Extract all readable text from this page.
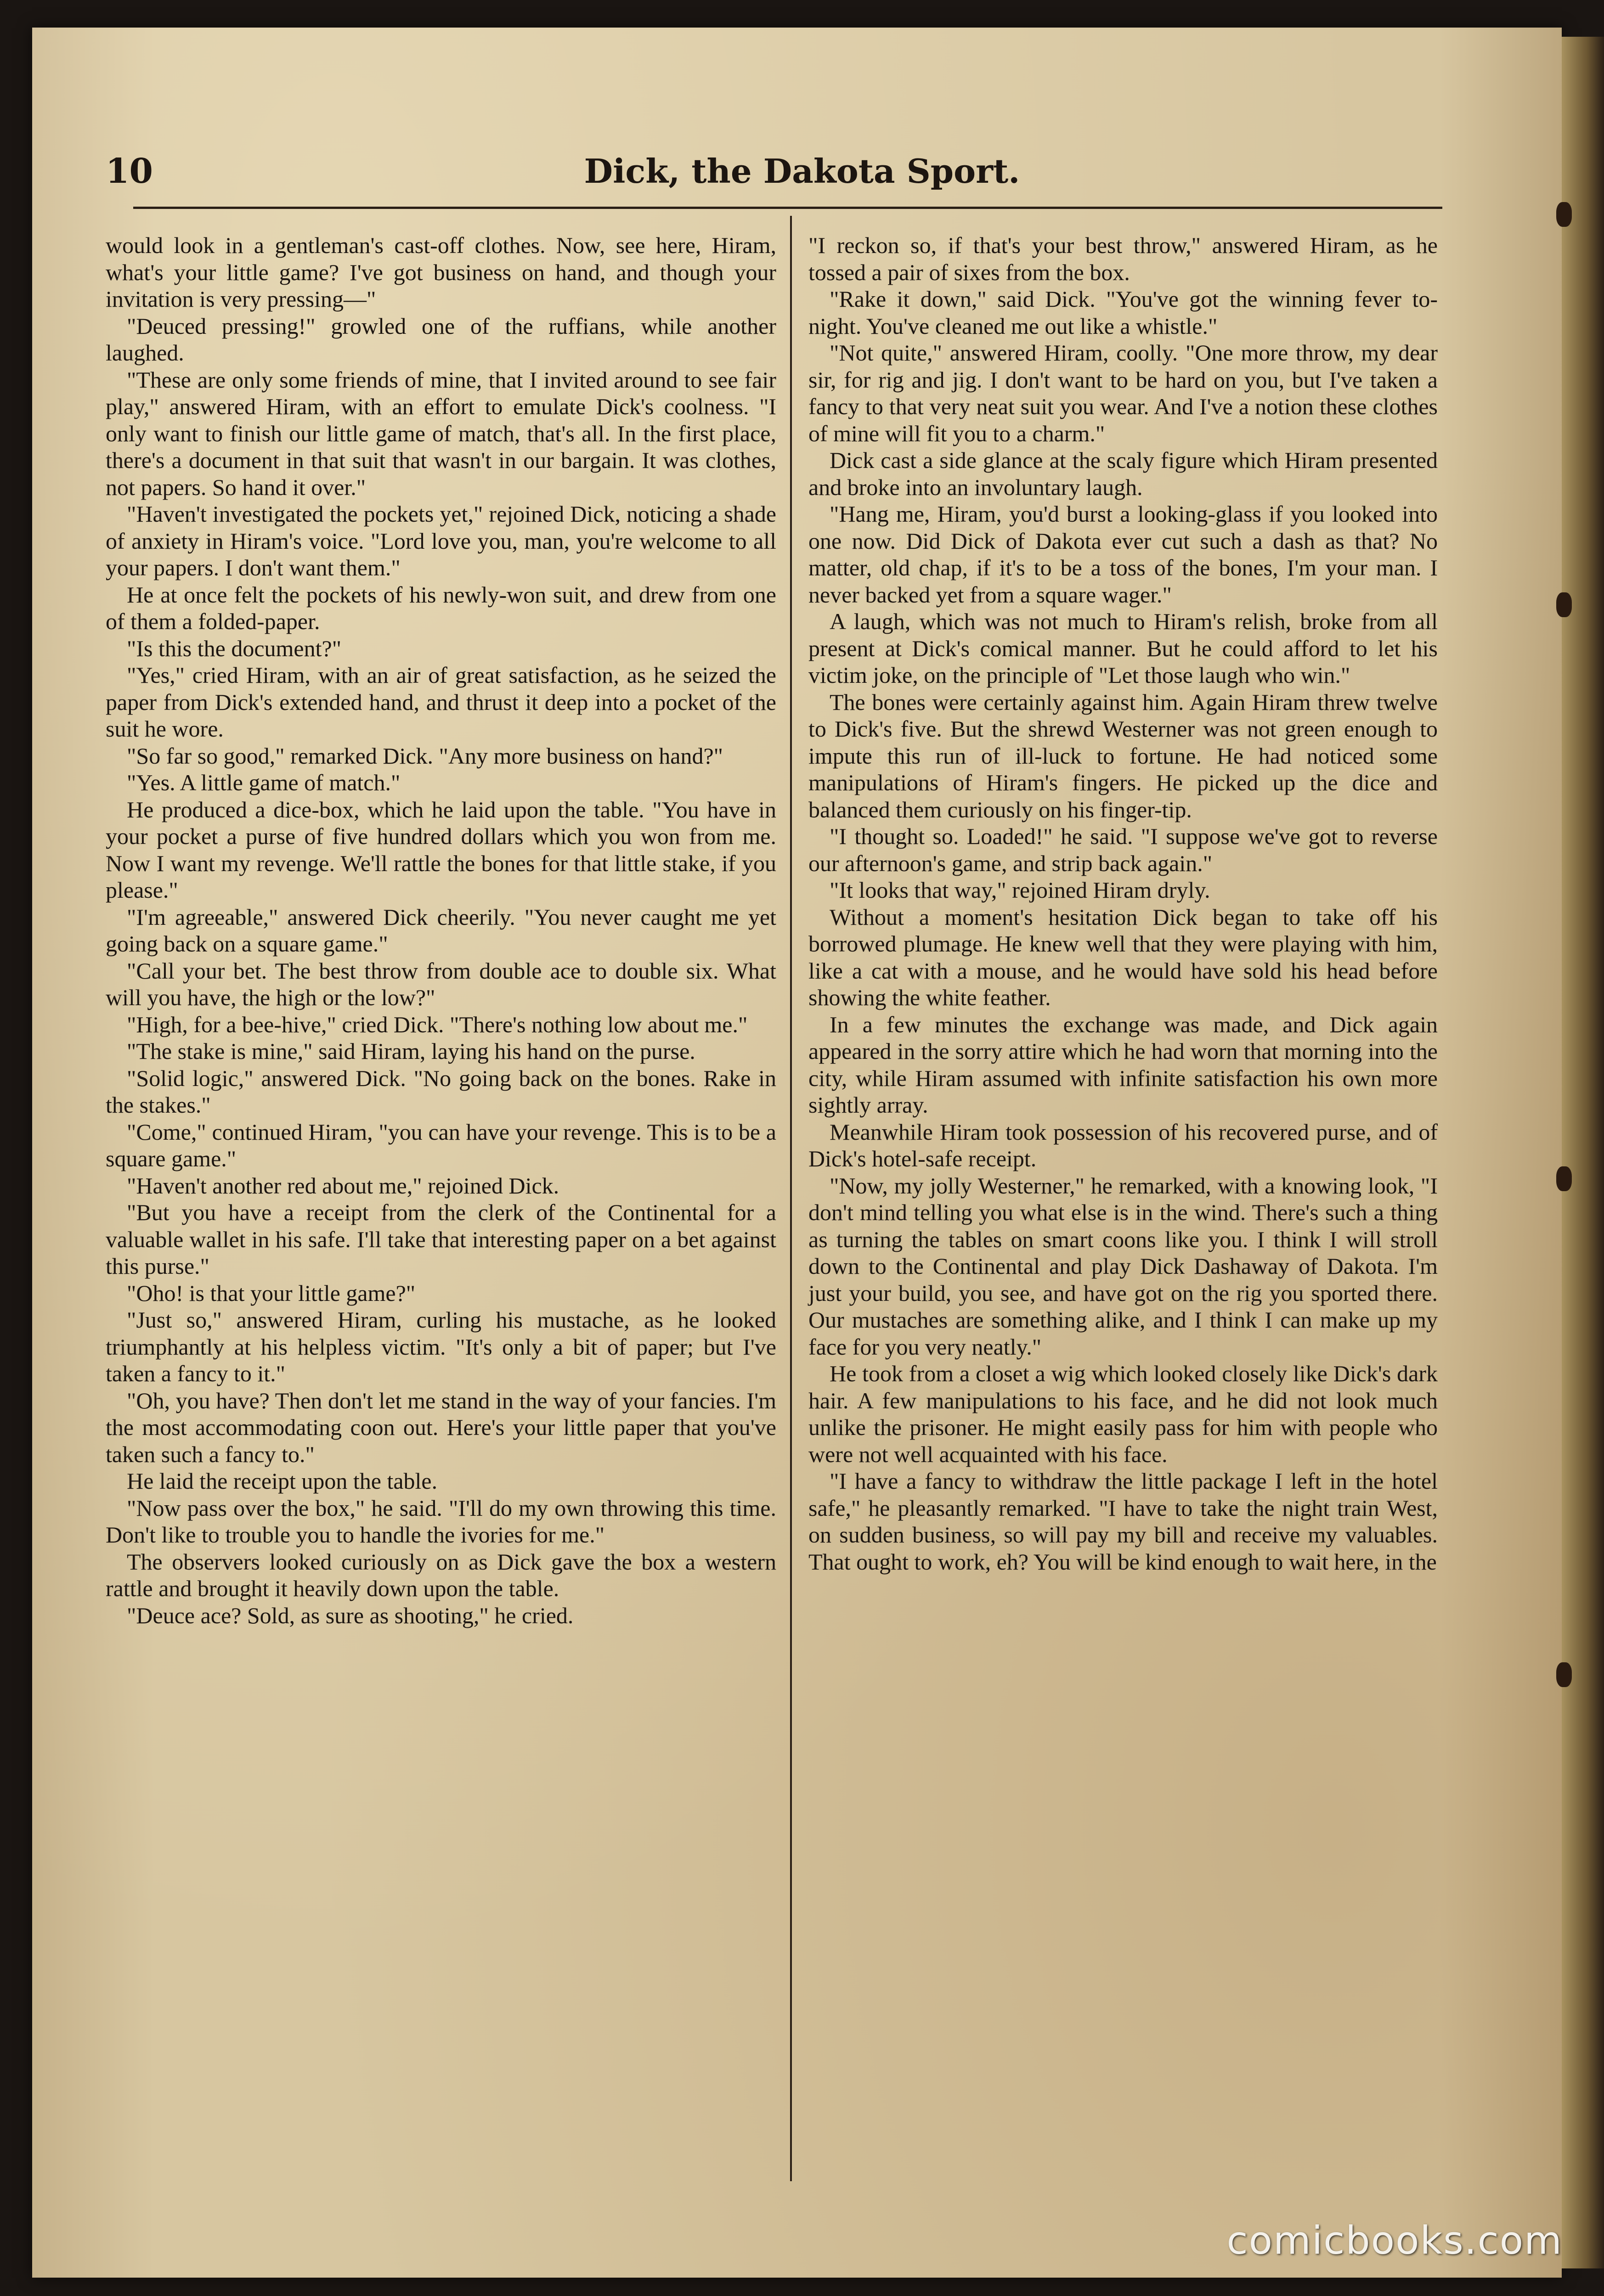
10	Dick, the Dakota Sport.

would look in a gentleman's cast-off clothes. Now, see here, Hiram, what's your little game? I've got business on hand, and though your invitation is very pressing—"

"Deuced pressing!" growled one of the ruffians, while another laughed.

"These are only some friends of mine, that I invited around to see fair play," answered Hiram, with an effort to emulate Dick's coolness. "I only want to finish our little game of match, that's all. In the first place, there's a document in that suit that wasn't in our bargain. It was clothes, not papers. So hand it over."

"Haven't investigated the pockets yet," rejoined Dick, noticing a shade of anxiety in Hiram's voice. "Lord love you, man, you're welcome to all your papers. I don't want them."

He at once felt the pockets of his newly-won suit, and drew from one of them a folded-paper.

"Is this the document?"

"Yes," cried Hiram, with an air of great satisfaction, as he seized the paper from Dick's extended hand, and thrust it deep into a pocket of the suit he wore.

"So far so good," remarked Dick. "Any more business on hand?"

"Yes. A little game of match."

He produced a dice-box, which he laid upon the table. "You have in your pocket a purse of five hundred dollars which you won from me. Now I want my revenge. We'll rattle the bones for that little stake, if you please."

"I'm agreeable," answered Dick cheerily. "You never caught me yet going back on a square game."

"Call your bet. The best throw from double ace to double six. What will you have, the high or the low?"

"High, for a bee-hive," cried Dick. "There's nothing low about me."

"The stake is mine," said Hiram, laying his hand on the purse.

"Solid logic," answered Dick. "No going back on the bones. Rake in the stakes."

"Come," continued Hiram, "you can have your revenge. This is to be a square game."

"Haven't another red about me," rejoined Dick.

"But you have a receipt from the clerk of the Continental for a valuable wallet in his safe. I'll take that interesting paper on a bet against this purse."

"Oho! is that your little game?"

"Just so," answered Hiram, curling his mustache, as he looked triumphantly at his helpless victim. "It's only a bit of paper; but I've taken a fancy to it."

"Oh, you have? Then don't let me stand in the way of your fancies. I'm the most accommodating coon out. Here's your little paper that you've taken such a fancy to."

He laid the receipt upon the table.

"Now pass over the box," he said. "I'll do my own throwing this time. Don't like to trouble you to handle the ivories for me."

The observers looked curiously on as Dick gave the box a western rattle and brought it heavily down upon the table.

"Deuce ace? Sold, as sure as shooting," he cried.

"I reckon so, if that's your best throw," answered Hiram, as he tossed a pair of sixes from the box.

"Rake it down," said Dick. "You've got the winning fever to-night. You've cleaned me out like a whistle."

"Not quite," answered Hiram, coolly. "One more throw, my dear sir, for rig and jig. I don't want to be hard on you, but I've taken a fancy to that very neat suit you wear. And I've a notion these clothes of mine will fit you to a charm."

Dick cast a side glance at the scaly figure which Hiram presented and broke into an involuntary laugh.

"Hang me, Hiram, you'd burst a looking-glass if you looked into one now. Did Dick of Dakota ever cut such a dash as that? No matter, old chap, if it's to be a toss of the bones, I'm your man. I never backed yet from a square wager."

A laugh, which was not much to Hiram's relish, broke from all present at Dick's comical manner. But he could afford to let his victim joke, on the principle of "Let those laugh who win."

The bones were certainly against him. Again Hiram threw twelve to Dick's five. But the shrewd Westerner was not green enough to impute this run of ill-luck to fortune. He had noticed some manipulations of Hiram's fingers. He picked up the dice and balanced them curiously on his finger-tip.

"I thought so. Loaded!" he said. "I suppose we've got to reverse our afternoon's game, and strip back again."

"It looks that way," rejoined Hiram dryly.

Without a moment's hesitation Dick began to take off his borrowed plumage. He knew well that they were playing with him, like a cat with a mouse, and he would have sold his head before showing the white feather.

In a few minutes the exchange was made, and Dick again appeared in the sorry attire which he had worn that morning into the city, while Hiram assumed with infinite satisfaction his own more sightly array.

Meanwhile Hiram took possession of his recovered purse, and of Dick's hotel-safe receipt.

"Now, my jolly Westerner," he remarked, with a knowing look, "I don't mind telling you what else is in the wind. There's such a thing as turning the tables on smart coons like you. I think I will stroll down to the Continental and play Dick Dashaway of Dakota. I'm just your build, you see, and have got on the rig you sported there. Our mustaches are something alike, and I think I can make up my face for you very neatly."

He took from a closet a wig which looked closely like Dick's dark hair. A few manipulations to his face, and he did not look much unlike the prisoner. He might easily pass for him with people who were not well acquainted with his face.

"I have a fancy to withdraw the little package I left in the hotel safe," he pleasantly remarked. "I have to take the night train West, on sudden business, so will pay my bill and receive my valuables. That ought to work, eh? You will be kind enough to wait here, in the

comicbooks.com
